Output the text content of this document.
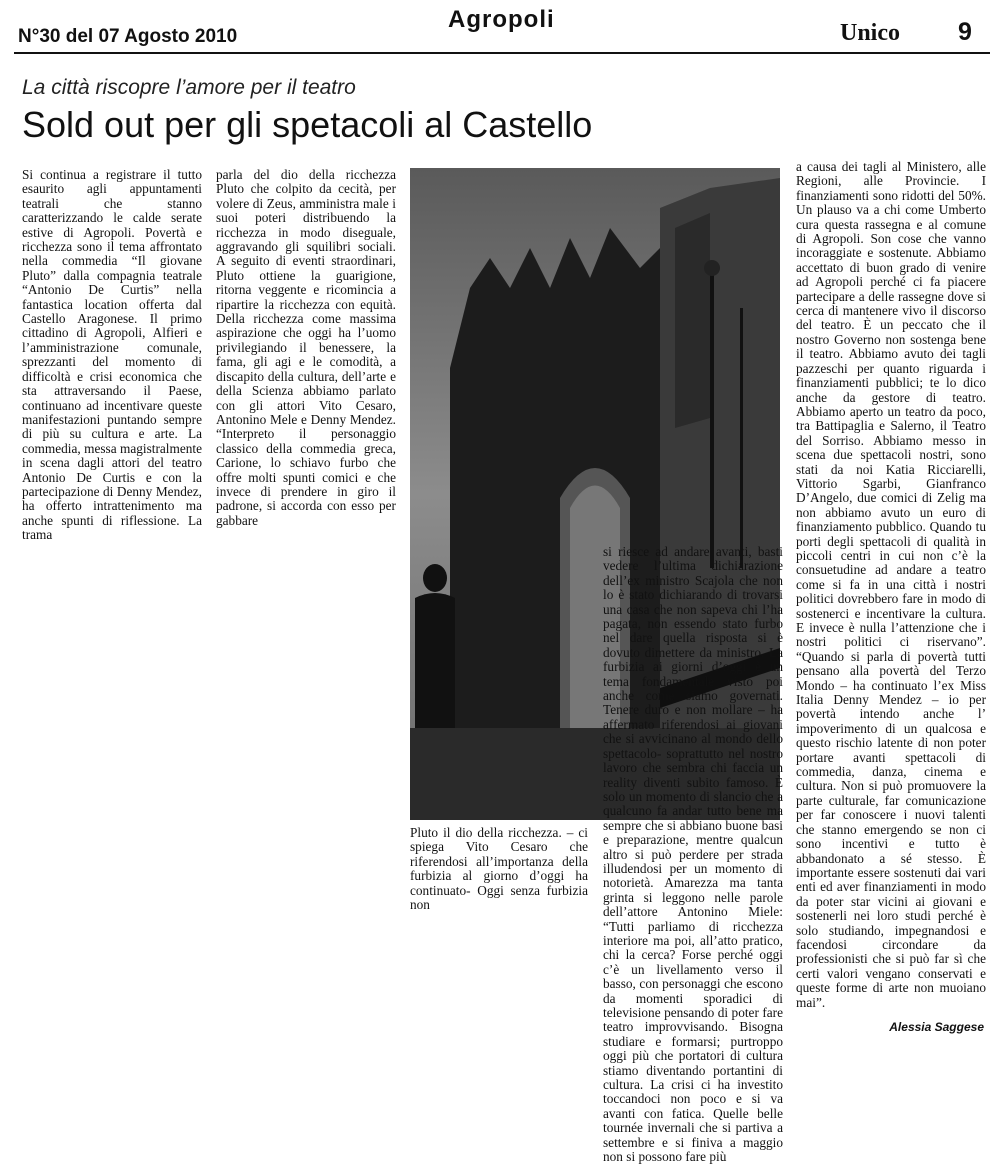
N°30 del 07 Agosto 2010
Agropoli	Unico 9
La città riscopre l’amore per il teatro
Sold out per gli spetacoli al Castello

Si continua a registrare il tutto esaurito agli appuntamenti teatrali che stanno caratterizzando le calde serate estive di Agropoli. Povertà e ricchezza sono il tema affrontato nella commedia “Il giovane Pluto” dalla compagnia teatrale “Antonio De Curtis” nella fantastica location offerta dal Castello Aragonese. Il primo cittadino di Agropoli, Alfieri e l’amministrazione comunale, sprezzanti del momento di difficoltà e crisi economica che sta attraversando il Paese, continuano ad incentivare queste manifestazioni puntando sempre di più su cultura e arte. La commedia, messa magistralmente in scena dagli attori del teatro Antonio De Curtis e con la partecipazione di Denny Mendez, ha offerto intrattenimento ma anche spunti di riflessione. La trama

parla del dio della ricchezza Pluto che colpito da cecità, per volere di Zeus, amministra male i suoi poteri distribuendo la ricchezza in modo diseguale, aggravando gli squilibri sociali. A seguito di eventi straordinari, Pluto ottiene la guarigione, ritorna veggente e ricomincia a ripartire la ricchezza con equità. Della ricchezza come massima aspirazione che oggi ha l’uomo privilegiando il benessere, la fama, gli agi e le comodità, a discapito della cultura, dell’arte e della Scienza abbiamo parlato con gli attori Vito Cesaro, Antonino Mele e Denny Mendez. “Interpreto il personaggio classico della commedia greca, Carione, lo schiavo furbo che offre molti spunti comici e che invece di prendere in giro il padrone, si accorda con esso per gabbare

Pluto il dio della ricchezza. – ci spiega Vito Cesaro che riferendosi all’importanza della furbizia al giorno d’oggi ha continuato- Oggi senza furbizia non

si riesce ad andare avanti, basti vedere l’ultima dichiarazione dell’ex ministro Scajola che non lo è stato dichiarando di trovarsi una casa che non sapeva chi l’ha pagata, non essendo stato furbo nel dare quella risposta si è dovuto dimettere da ministro. La furbizia ai giorni d’oggi è un tema fondamentale visto poi anche come siamo governati. Tenere duro e non mollare – ha affermato riferendosi ai giovani che si avvicinano al mondo dello spettacolo- soprattutto nel nostro lavoro che sembra chi faccia un reality diventi subito famoso. È solo un momento di slancio che a qualcuno fa andar tutto bene ma sempre che si abbiano buone basi e preparazione, mentre qualcun altro si può perdere per strada illudendosi per un momento di notorietà. Amarezza ma tanta grinta si leggono nelle parole dell’attore Antonino Miele: “Tutti parliamo di ricchezza interiore ma poi, all’atto pratico, chi la cerca? Forse perché oggi c’è un livellamento verso il basso, con personaggi che escono da momenti sporadici di televisione pensando di poter fare teatro improvvisando. Bisogna studiare e formarsi; purtroppo oggi più che portatori di cultura stiamo diventando portantini di cultura. La crisi ci ha investito toccandoci non poco e si va avanti con fatica. Quelle belle tournée invernali che si partiva a settembre e si finiva a maggio non si possono fare più

a causa dei tagli al Ministero, alle Regioni, alle Provincie. I finanziamenti sono ridotti del 50%. Un plauso va a chi come Umberto cura questa rassegna e al comune di Agropoli. Son cose che vanno incoraggiate e sostenute. Abbiamo accettato di buon grado di venire ad Agropoli perché ci fa piacere partecipare a delle rassegne dove si cerca di mantenere vivo il discorso del teatro. È un peccato che il nostro Governo non sostenga bene il teatro. Abbiamo avuto dei tagli pazzeschi per quanto riguarda i finanziamenti pubblici; te lo dico anche da gestore di teatro. Abbiamo aperto un teatro da poco, tra Battipaglia e Salerno, il Teatro del Sorriso. Abbiamo messo in scena due spettacoli nostri, sono stati da noi Katia Ricciarelli, Vittorio Sgarbi, Gianfranco D’Angelo, due comici di Zelig ma non abbiamo avuto un euro di finanziamento pubblico. Quando tu porti degli spettacoli di qualità in piccoli centri in cui non c’è la consuetudine ad andare a teatro come si fa in una città i nostri politici dovrebbero fare in modo di sostenerci e incentivare la cultura. E invece è nulla l’attenzione che i nostri politici ci riservano”. “Quando si parla di povertà tutti pensano alla povertà del Terzo Mondo – ha continuato l’ex Miss Italia Denny Mendez – io per povertà intendo anche l’ impoverimento di un qualcosa e questo rischio latente di non poter portare avanti spettacoli di commedia, danza, cinema e cultura. Non si può promuovere la parte culturale, far comunicazione per far conoscere i nuovi talenti che stanno emergendo se non ci sono incentivi e tutto è abbandonato a sé stesso. È importante essere sostenuti dai vari enti ed aver finanziamenti in modo da poter star vicini ai giovani e sostenerli nei loro studi perché è solo studiando, impegnandosi e facendosi circondare da professionisti che si può far sì che certi valori vengano conservati e queste forme di arte non muoiano mai”.

Alessia Saggese
